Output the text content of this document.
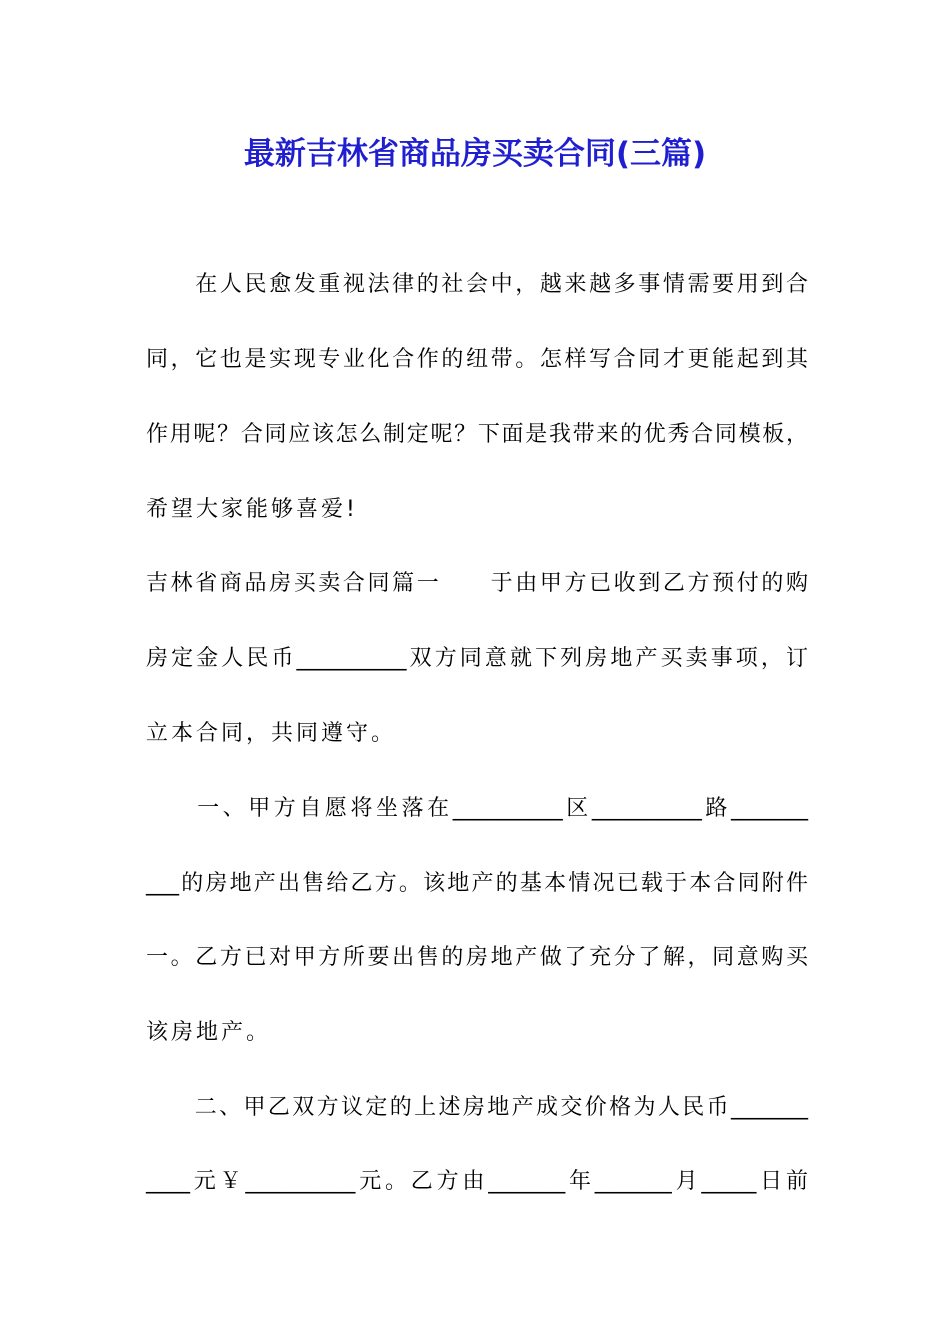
最新吉林省商品房买卖合同(三篇)
　　在人民愈发重视法律的社会中，越来越多事情需要用到合
同，它也是实现专业化合作的纽带。怎样写合同才更能起到其
作用呢？合同应该怎么制定呢？下面是我带来的优秀合同模板，
希望大家能够喜爱!
吉林省商品房买卖合同篇一　　于由甲方已收到乙方预付的购
房定金人民币__________双方同意就下列房地产买卖事项，订
立本合同，共同遵守。
　　一、甲方自愿将坐落在__________区__________路_______
___的房地产出售给乙方。该地产的基本情况已载于本合同附件
一。乙方已对甲方所要出售的房地产做了充分了解，同意购买
该房地产。
　　二、甲乙双方议定的上述房地产成交价格为人民币_______
____元￥__________元。乙方由_______年_______月_____日前
